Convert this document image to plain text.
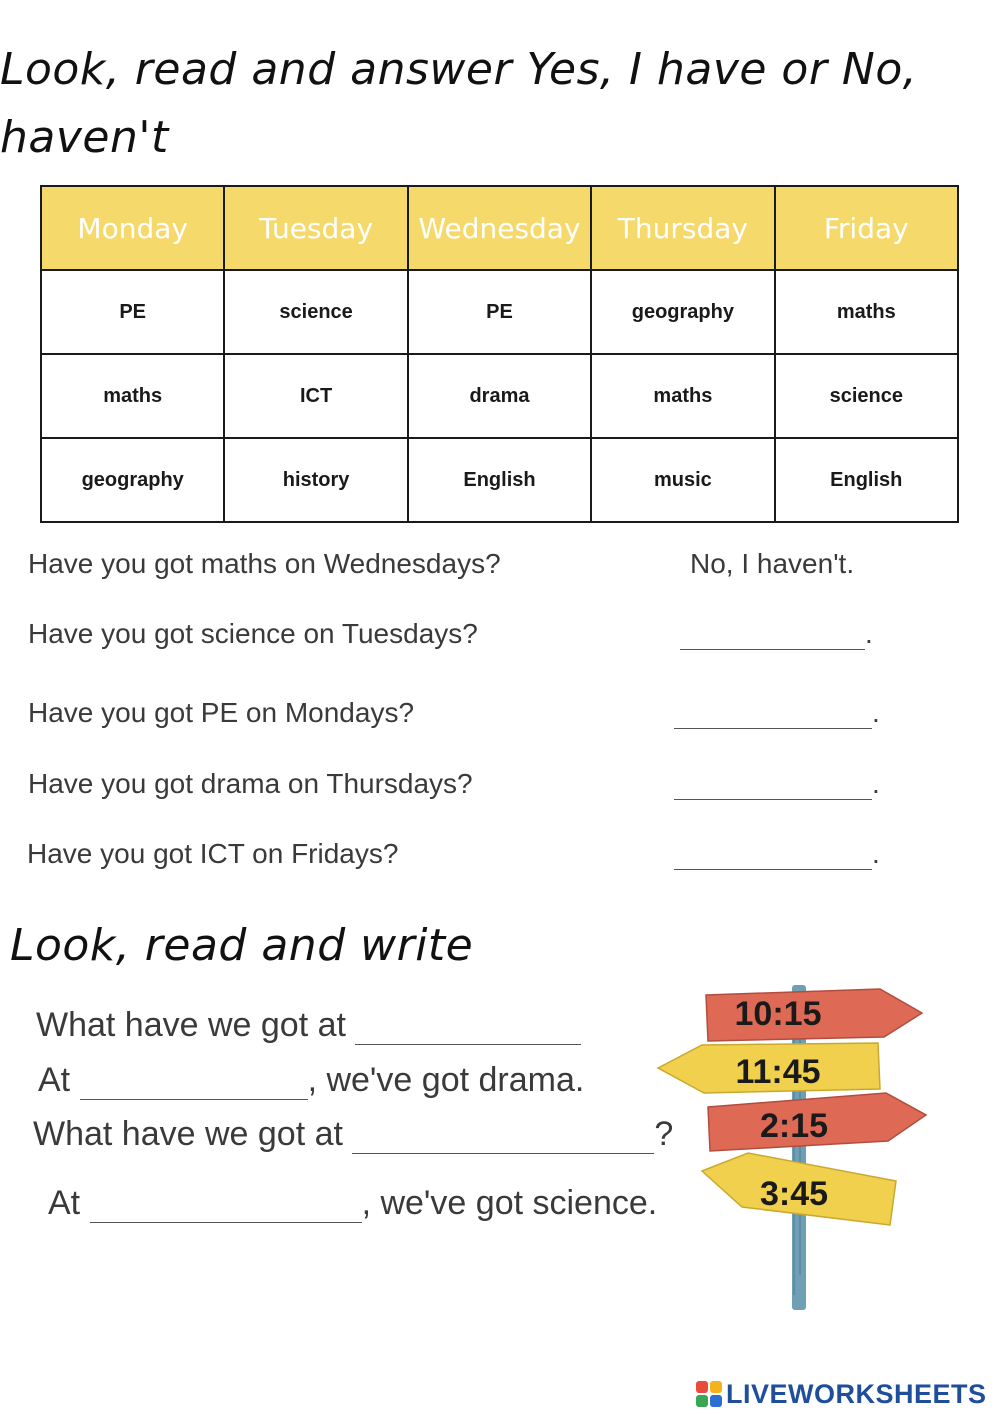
Look, read and answer Yes, I have or No, haven't
Monday	Tuesday	Wednesday	Thursday	Friday
PE	science	PE	geography	maths
maths	ICT	drama	maths	science
geography	history	English	music	English
Have you got maths on Wednesdays?	No, I haven't.
Have you got science on Tuesdays?	.
Have you got PE on Mondays?	.
Have you got drama on Thursdays?	.
Have you got ICT on Fridays?	.
Look, read and write
What have we got at
At	, we've got drama.
What have we got at	?
At	, we've got science.
10:15
11:45
2:15
3:45
LIVEWORKSHEETS
